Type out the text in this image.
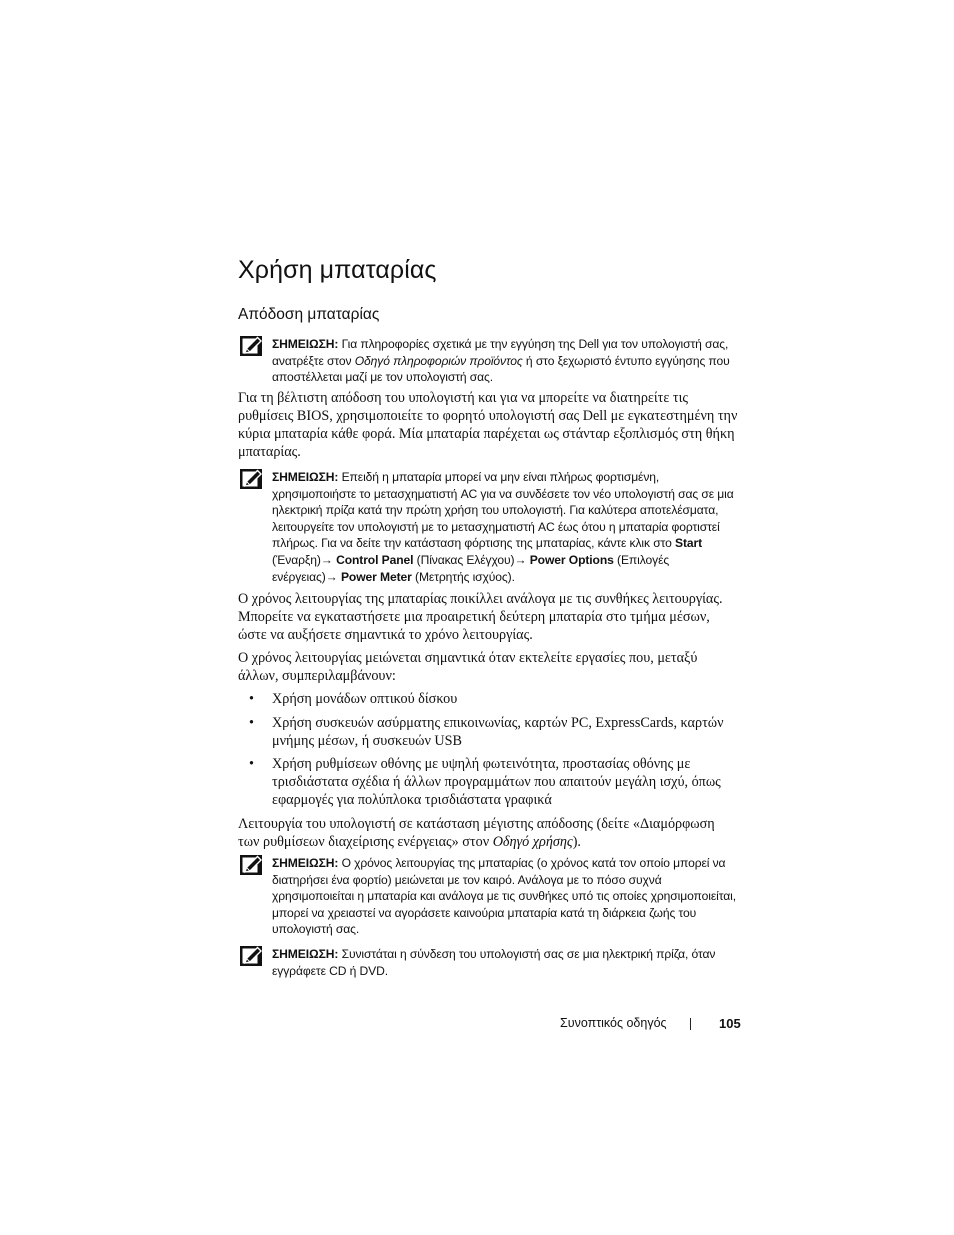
Χρήση μπαταρίας
Απόδοση μπαταρίας
ΣΗΜΕΙΩΣΗ: Για πληροφορίες σχετικά με την εγγύηση της Dell για τον υπολογιστή σας, ανατρέξτε στον Οδηγό πληροφοριών προϊόντος ή στο ξεχωριστό έντυπο εγγύησης που αποστέλλεται μαζί με τον υπολογιστή σας.
Για τη βέλτιστη απόδοση του υπολογιστή και για να μπορείτε να διατηρείτε τις ρυθμίσεις BIOS, χρησιμοποιείτε το φορητό υπολογιστή σας Dell με εγκατεστημένη την κύρια μπαταρία κάθε φορά. Μία μπαταρία παρέχεται ως στάνταρ εξοπλισμός στη θήκη μπαταρίας.
ΣΗΜΕΙΩΣΗ: Επειδή η μπαταρία μπορεί να μην είναι πλήρως φορτισμένη, χρησιμοποιήστε το μετασχηματιστή AC για να συνδέσετε τον νέο υπολογιστή σας σε μια ηλεκτρική πρίζα κατά την πρώτη χρήση του υπολογιστή. Για καλύτερα αποτελέσματα, λειτουργείτε τον υπολογιστή με το μετασχηματιστή AC έως ότου η μπαταρία φορτιστεί πλήρως. Για να δείτε την κατάσταση φόρτισης της μπαταρίας, κάντε κλικ στο Start (Έναρξη)→ Control Panel (Πίνακας Ελέγχου)→ Power Options (Επιλογές ενέργειας)→ Power Meter (Μετρητής ισχύος).
Ο χρόνος λειτουργίας της μπαταρίας ποικίλλει ανάλογα με τις συνθήκες λειτουργίας. Μπορείτε να εγκαταστήσετε μια προαιρετική δεύτερη μπαταρία στο τμήμα μέσων, ώστε να αυξήσετε σημαντικά το χρόνο λειτουργίας.
Ο χρόνος λειτουργίας μειώνεται σημαντικά όταν εκτελείτε εργασίες που, μεταξύ άλλων, συμπεριλαμβάνουν:
• Χρήση μονάδων οπτικού δίσκου
• Χρήση συσκευών ασύρματης επικοινωνίας, καρτών PC, ExpressCards, καρτών μνήμης μέσων, ή συσκευών USB
• Χρήση ρυθμίσεων οθόνης με υψηλή φωτεινότητα, προστασίας οθόνης με τρισδιάστατα σχέδια ή άλλων προγραμμάτων που απαιτούν μεγάλη ισχύ, όπως εφαρμογές για πολύπλοκα τρισδιάστατα γραφικά
Λειτουργία του υπολογιστή σε κατάσταση μέγιστης απόδοσης (δείτε «Διαμόρφωση των ρυθμίσεων διαχείρισης ενέργειας» στον Οδηγό χρήσης).
ΣΗΜΕΙΩΣΗ: Ο χρόνος λειτουργίας της μπαταρίας (ο χρόνος κατά τον οποίο μπορεί να διατηρήσει ένα φορτίο) μειώνεται με τον καιρό. Ανάλογα με το πόσο συχνά χρησιμοποιείται η μπαταρία και ανάλογα με τις συνθήκες υπό τις οποίες χρησιμοποιείται, μπορεί να χρειαστεί να αγοράσετε καινούρια μπαταρία κατά τη διάρκεια ζωής του υπολογιστή σας.
ΣΗΜΕΙΩΣΗ: Συνιστάται η σύνδεση του υπολογιστή σας σε μια ηλεκτρική πρίζα, όταν εγγράφετε CD ή DVD.
Συνοπτικός οδηγός	105
